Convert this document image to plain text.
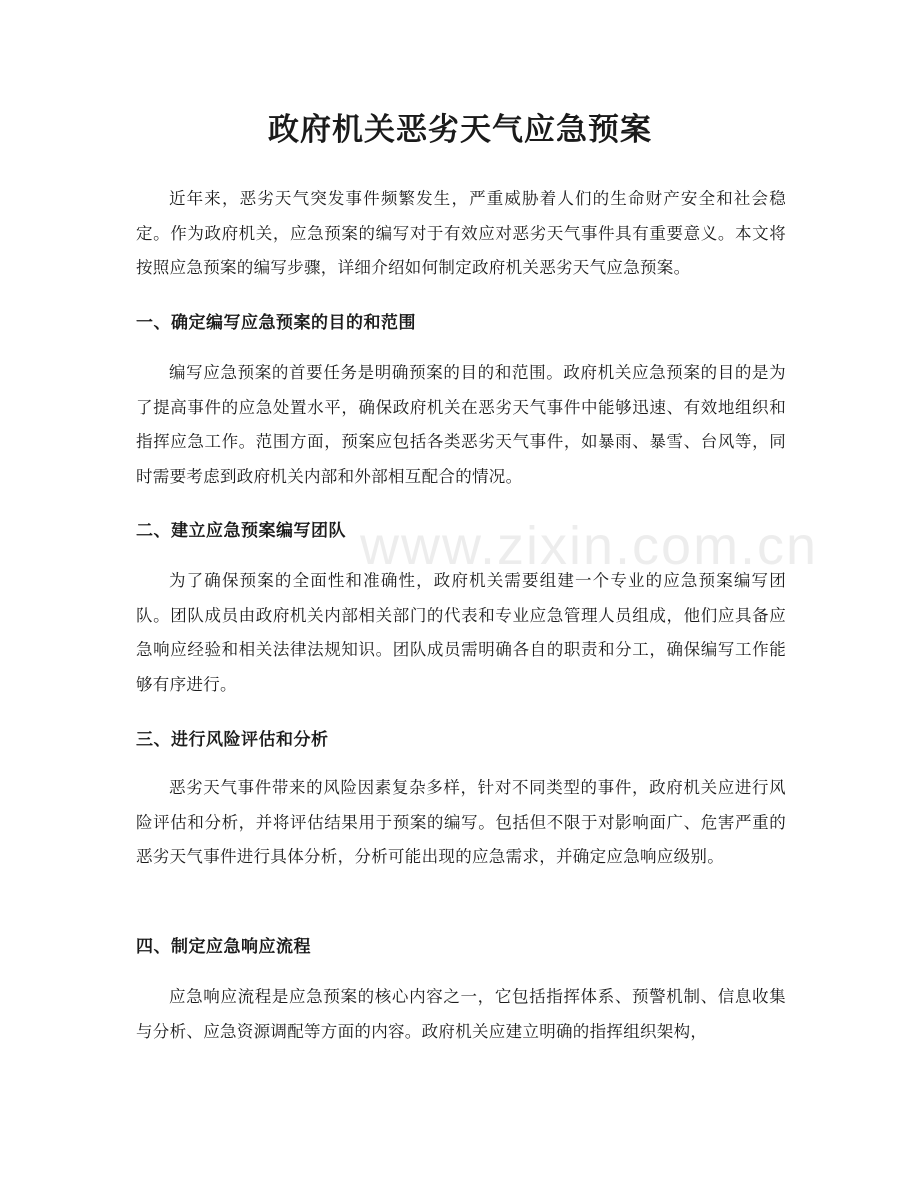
政府机关恶劣天气应急预案

近年来，恶劣天气突发事件频繁发生，严重威胁着人们的生命财产安全和社会稳定。作为政府机关，应急预案的编写对于有效应对恶劣天气事件具有重要意义。本文将按照应急预案的编写步骤，详细介绍如何制定政府机关恶劣天气应急预案。

一、确定编写应急预案的目的和范围

编写应急预案的首要任务是明确预案的目的和范围。政府机关应急预案的目的是为了提高事件的应急处置水平，确保政府机关在恶劣天气事件中能够迅速、有效地组织和指挥应急工作。范围方面，预案应包括各类恶劣天气事件，如暴雨、暴雪、台风等，同时需要考虑到政府机关内部和外部相互配合的情况。

二、建立应急预案编写团队

为了确保预案的全面性和准确性，政府机关需要组建一个专业的应急预案编写团队。团队成员由政府机关内部相关部门的代表和专业应急管理人员组成，他们应具备应急响应经验和相关法律法规知识。团队成员需明确各自的职责和分工，确保编写工作能够有序进行。

三、进行风险评估和分析

恶劣天气事件带来的风险因素复杂多样，针对不同类型的事件，政府机关应进行风险评估和分析，并将评估结果用于预案的编写。包括但不限于对影响面广、危害严重的恶劣天气事件进行具体分析，分析可能出现的应急需求，并确定应急响应级别。

四、制定应急响应流程

应急响应流程是应急预案的核心内容之一，它包括指挥体系、预警机制、信息收集与分析、应急资源调配等方面的内容。政府机关应建立明确的指挥组织架构，

www.zixin.com.cn
